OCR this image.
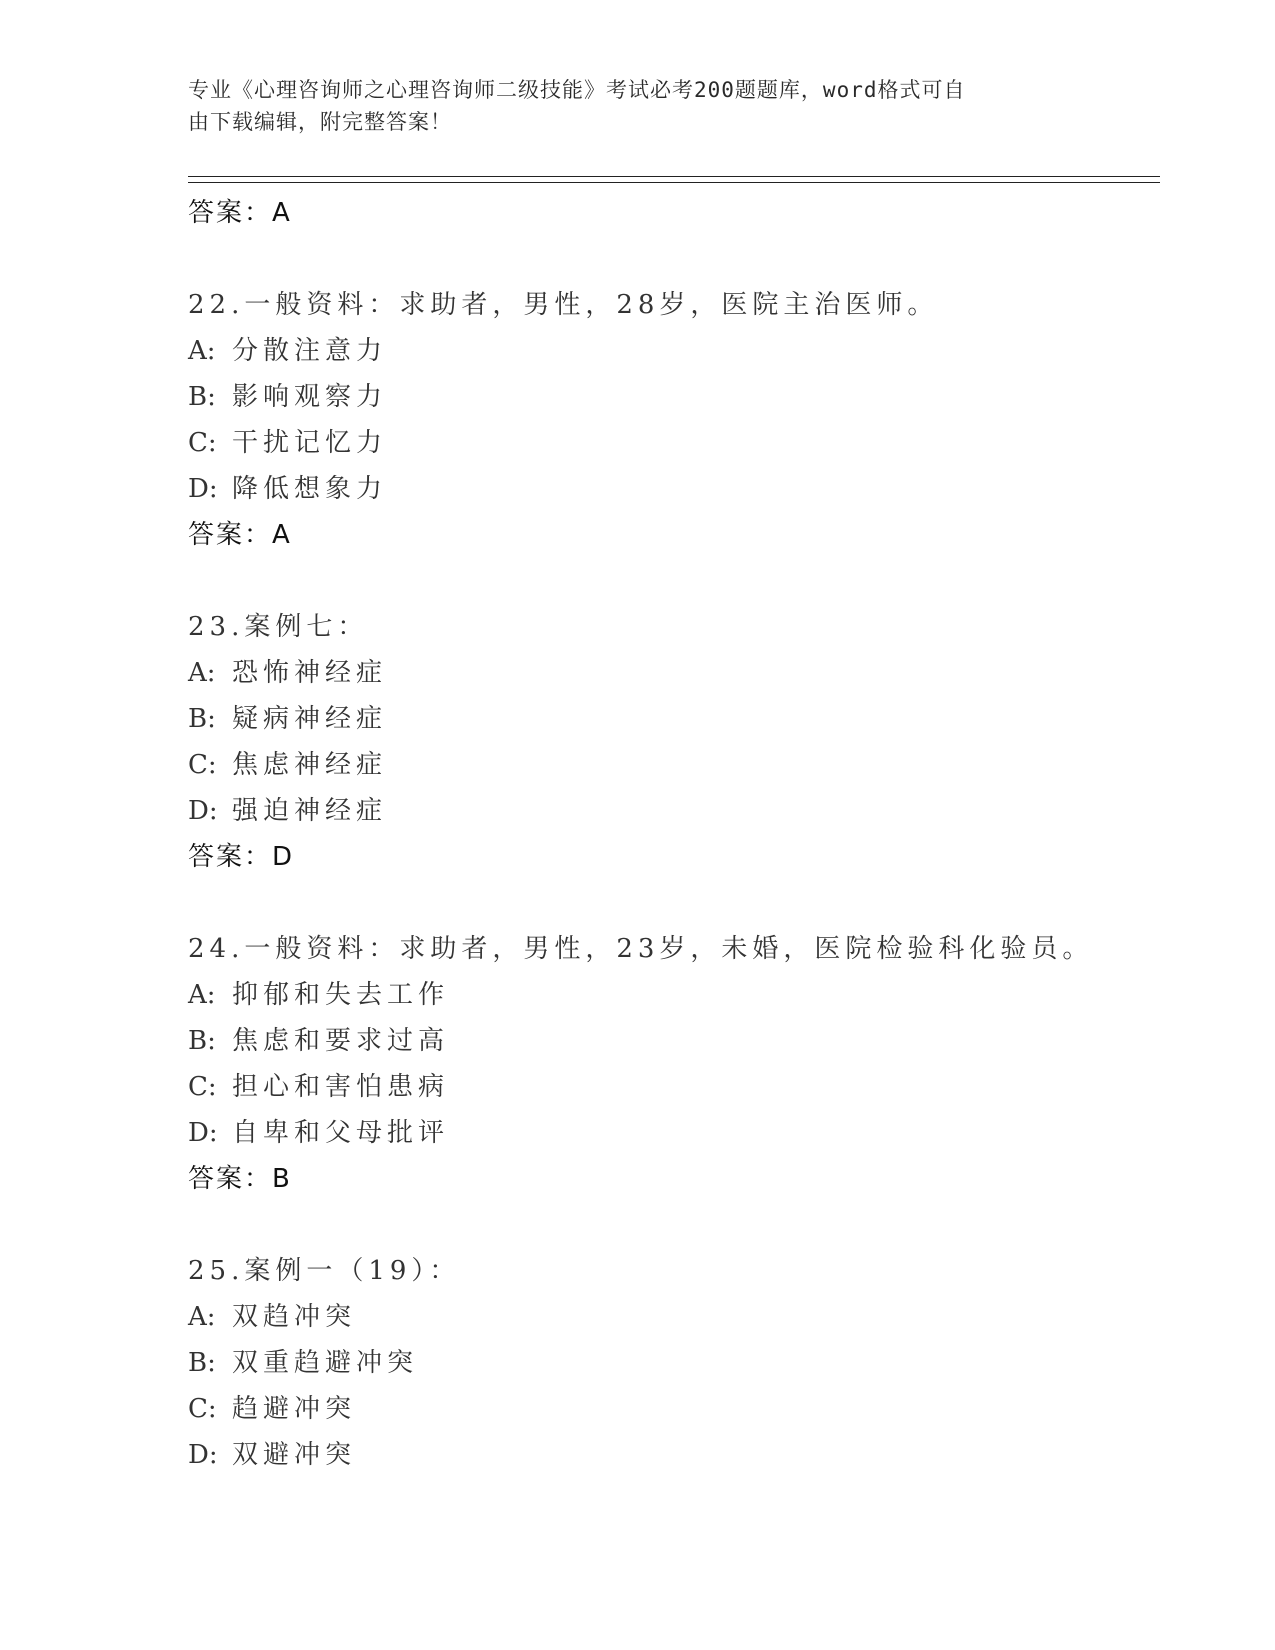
专业《心理咨询师之心理咨询师二级技能》考试必考200题题库，word格式可自
由下载编辑，附完整答案！
答案：A
22.一般资料：求助者，男性，28岁，医院主治医师。
A: 分散注意力
B: 影响观察力
C: 干扰记忆力
D: 降低想象力
答案：A
23.案例七：
A: 恐怖神经症
B: 疑病神经症
C: 焦虑神经症
D: 强迫神经症
答案：D
24.一般资料：求助者，男性，23岁，未婚，医院检验科化验员。
A: 抑郁和失去工作
B: 焦虑和要求过高
C: 担心和害怕患病
D: 自卑和父母批评
答案：B
25.案例一（19）：
A: 双趋冲突
B: 双重趋避冲突
C: 趋避冲突
D: 双避冲突
